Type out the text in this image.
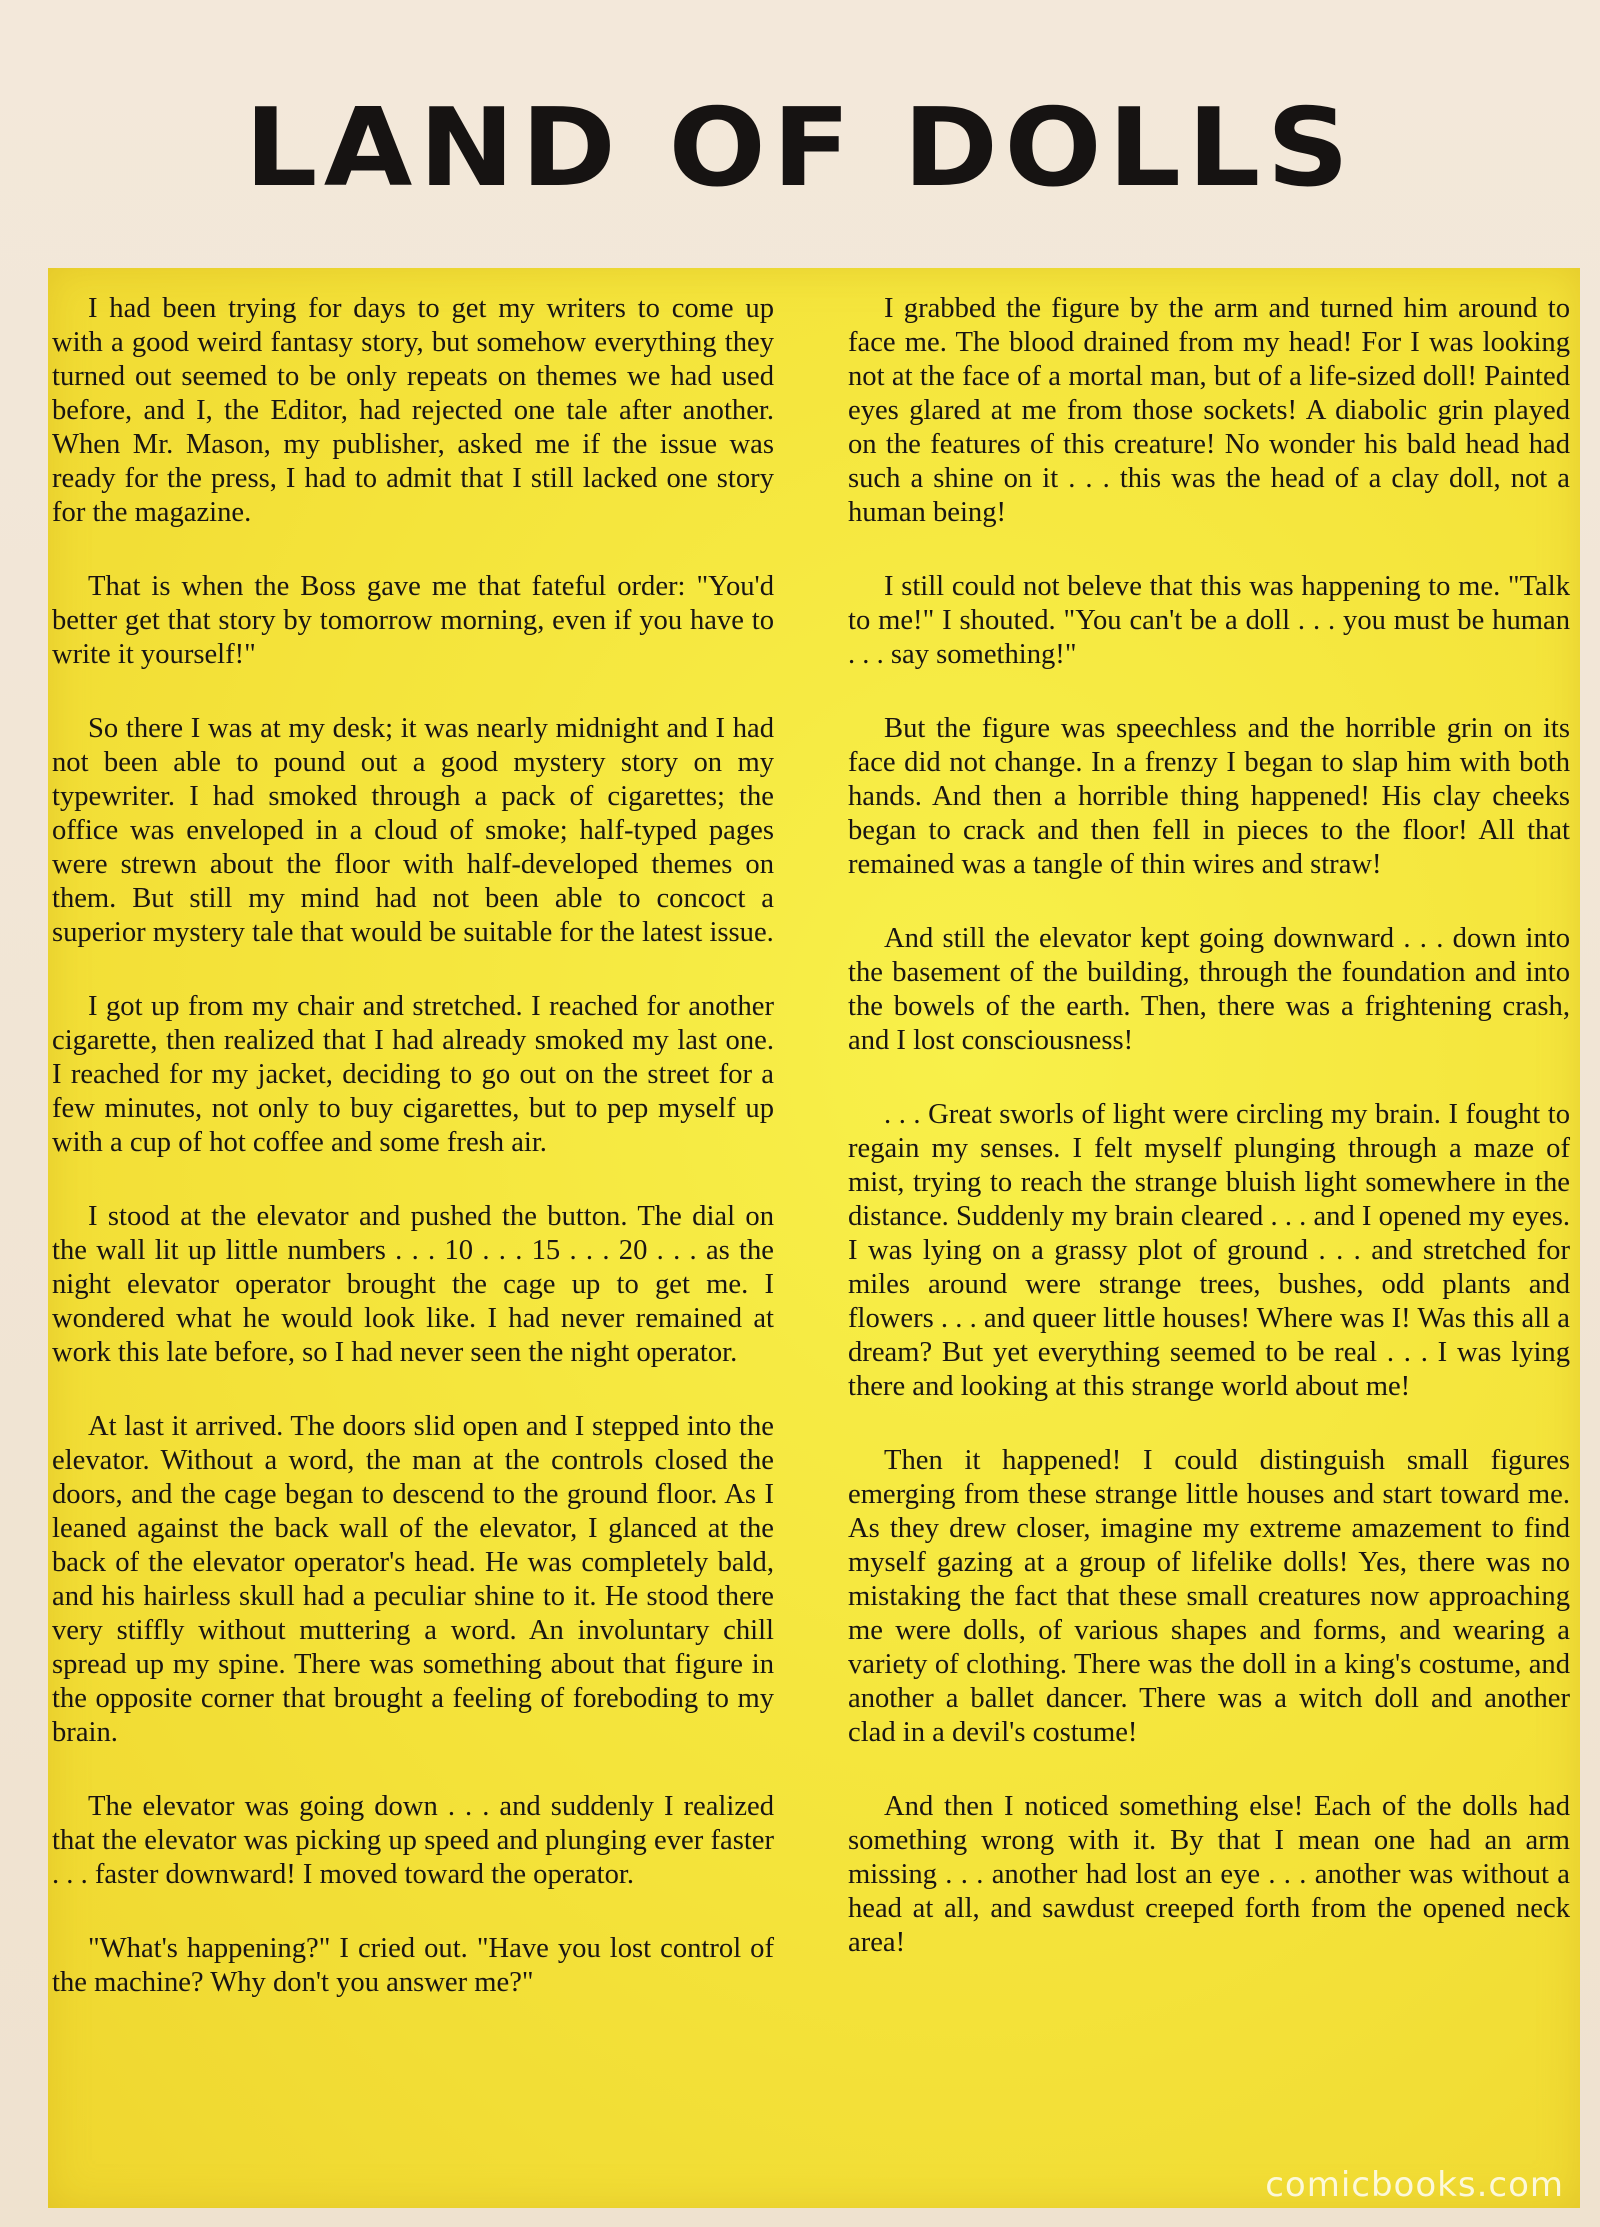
LAND OF DOLLS

I had been trying for days to get my writers to come up with a good weird fantasy story, but somehow everything they turned out seemed to be only repeats on themes we had used before, and I, the Editor, had rejected one tale after another. When Mr. Mason, my publisher, asked me if the issue was ready for the press, I had to admit that I still lacked one story for the magazine.

That is when the Boss gave me that fateful order: "You'd better get that story by tomorrow morning, even if you have to write it yourself!"

So there I was at my desk; it was nearly midnight and I had not been able to pound out a good mystery story on my typewriter. I had smoked through a pack of cigarettes; the office was enveloped in a cloud of smoke; half-typed pages were strewn about the floor with half-developed themes on them. But still my mind had not been able to concoct a superior mystery tale that would be suitable for the latest issue.

I got up from my chair and stretched. I reached for another cigarette, then realized that I had already smoked my last one. I reached for my jacket, deciding to go out on the street for a few minutes, not only to buy cigarettes, but to pep myself up with a cup of hot coffee and some fresh air.

I stood at the elevator and pushed the button. The dial on the wall lit up little numbers . . . 10 . . . 15 . . . 20 . . . as the night elevator operator brought the cage up to get me. I wondered what he would look like. I had never remained at work this late before, so I had never seen the night operator.

At last it arrived. The doors slid open and I stepped into the elevator. Without a word, the man at the controls closed the doors, and the cage began to descend to the ground floor. As I leaned against the back wall of the elevator, I glanced at the back of the elevator operator's head. He was completely bald, and his hairless skull had a peculiar shine to it. He stood there very stiffly without muttering a word. An involuntary chill spread up my spine. There was something about that figure in the opposite corner that brought a feeling of foreboding to my brain.

The elevator was going down . . . and suddenly I realized that the elevator was picking up speed and plunging ever faster . . . faster downward! I moved toward the operator.

"What's happening?" I cried out. "Have you lost control of the machine? Why don't you answer me?"

I grabbed the figure by the arm and turned him around to face me. The blood drained from my head! For I was looking not at the face of a mortal man, but of a life-sized doll! Painted eyes glared at me from those sockets! A diabolic grin played on the features of this creature! No wonder his bald head had such a shine on it . . . this was the head of a clay doll, not a human being!

I still could not beleve that this was happening to me. "Talk to me!" I shouted. "You can't be a doll . . . you must be human . . . say something!"

But the figure was speechless and the horrible grin on its face did not change. In a frenzy I began to slap him with both hands. And then a horrible thing happened! His clay cheeks began to crack and then fell in pieces to the floor! All that remained was a tangle of thin wires and straw!

And still the elevator kept going downward . . . down into the basement of the building, through the foundation and into the bowels of the earth. Then, there was a frightening crash, and I lost consciousness!

. . . Great sworls of light were circling my brain. I fought to regain my senses. I felt myself plunging through a maze of mist, trying to reach the strange bluish light somewhere in the distance. Suddenly my brain cleared . . . and I opened my eyes. I was lying on a grassy plot of ground . . . and stretched for miles around were strange trees, bushes, odd plants and flowers . . . and queer little houses! Where was I! Was this all a dream? But yet everything seemed to be real . . . I was lying there and looking at this strange world about me!

Then it happened! I could distinguish small figures emerging from these strange little houses and start toward me. As they drew closer, imagine my extreme amazement to find myself gazing at a group of lifelike dolls! Yes, there was no mistaking the fact that these small creatures now approaching me were dolls, of various shapes and forms, and wearing a variety of clothing. There was the doll in a king's costume, and another a ballet dancer. There was a witch doll and another clad in a devil's costume!

And then I noticed something else! Each of the dolls had something wrong with it. By that I mean one had an arm missing . . . another had lost an eye . . . another was without a head at all, and sawdust creeped forth from the opened neck area!

comicbooks.com
